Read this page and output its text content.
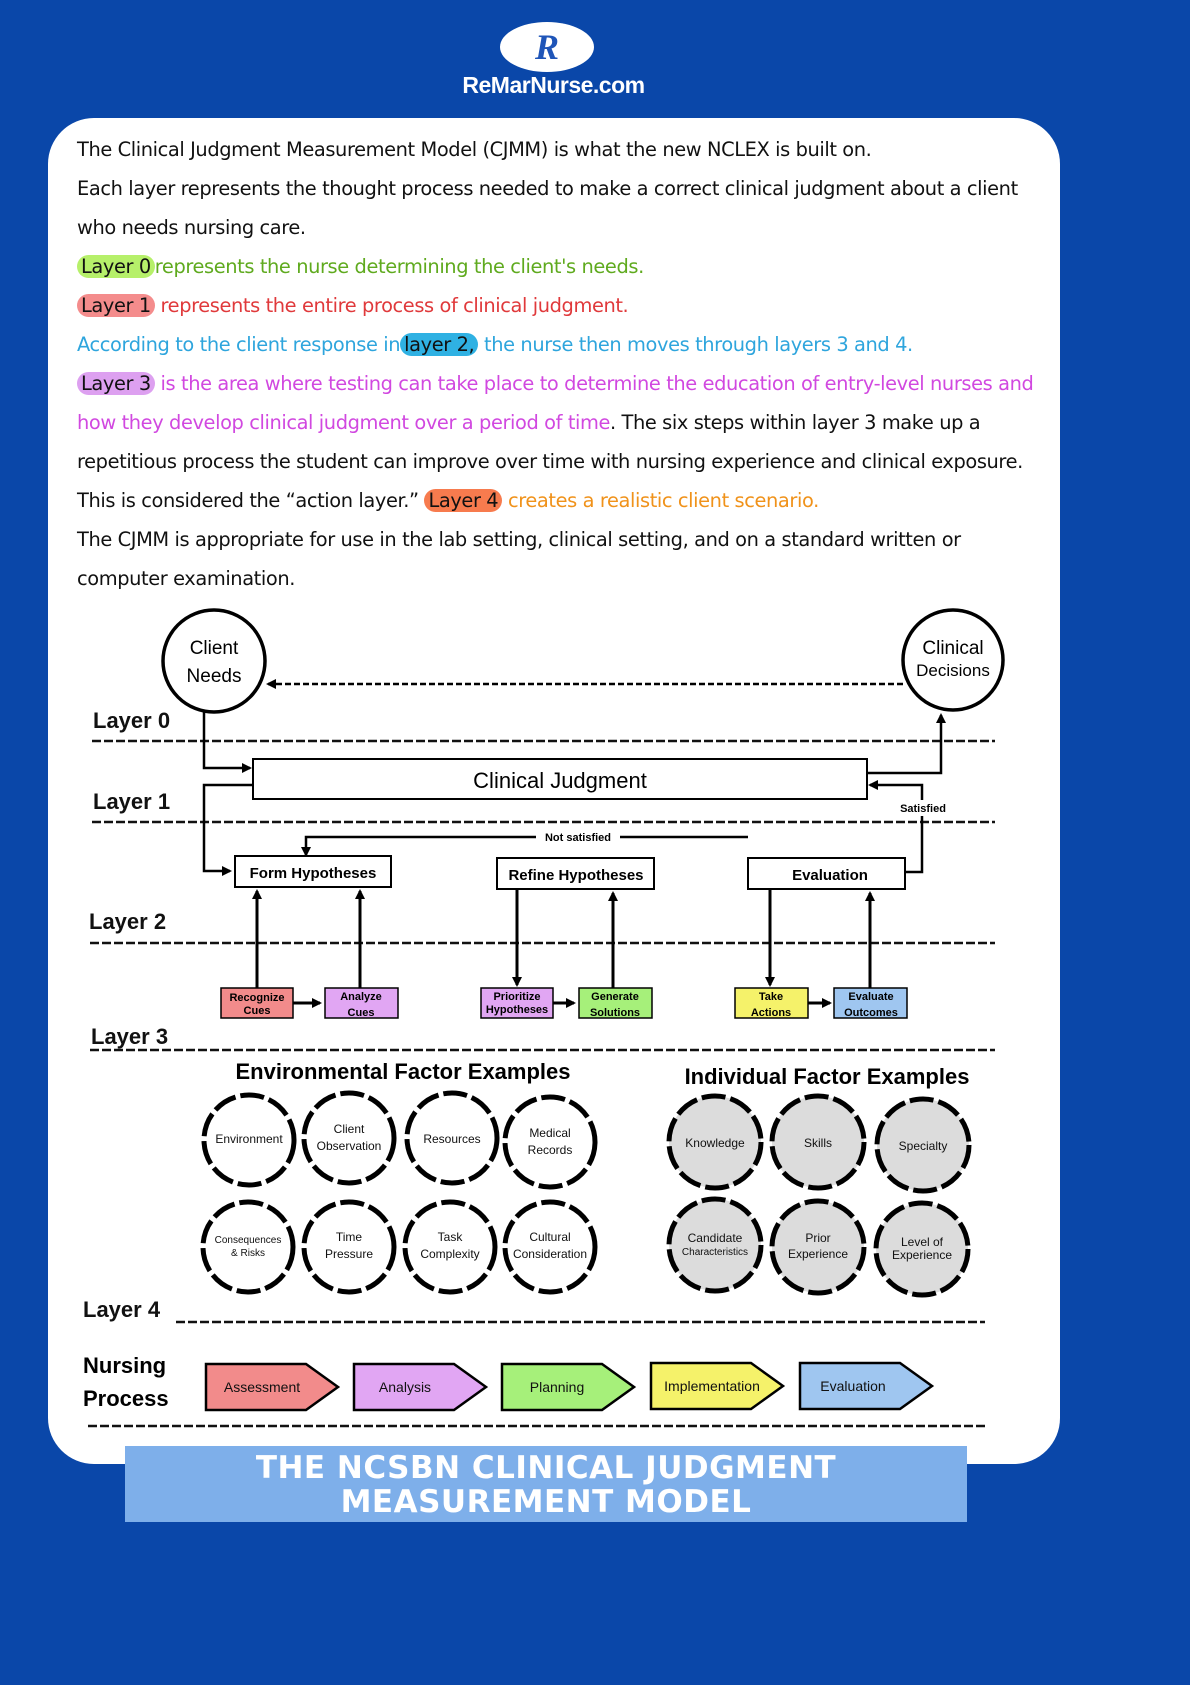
R
ReMarNurse.com

The Clinical Judgment Measurement Model (CJMM) is what the new NCLEX is built on.

Each layer represents the thought process needed to make a correct clinical judgment about a client who needs nursing care.

Layer 0 represents the nurse determining the client's needs.

Layer 1 represents the entire process of clinical judgment.

According to the client response in layer 2, the nurse then moves through layers 3 and 4.

Layer 3 is the area where testing can take place to determine the education of entry-level nurses and how they develop clinical judgment over a period of time. The six steps within layer 3 make up a repetitious process the student can improve over time with nursing experience and clinical exposure. This is considered the “action layer.” Layer 4 creates a realistic client scenario.

The CJMM is appropriate for use in the lab setting, clinical setting, and on a standard written or computer examination.

Layer 0
Layer 1
Layer 2
Layer 3
Layer 4
Client
Needs
Clinical
Decisions
Clinical Judgment
Satisfied
Not satisfied
Form Hypotheses	Refine Hypotheses	Evaluation
Recognize
Cues
Analyze
Cues
Prioritize
Hypotheses
Generate
Solutions
Take
Actions
Evaluate
Outcomes
Environmental Factor Examples	Individual Factor Examples
Environment
Client
Observation	Resources	Medical
Records
Consequences
& Risks
Time
Pressure
Task
Complexity
Cultural
Consideration
Knowledge	Skills	Specialty
Candidate
Characteristics
Prior
Experience
Level of
Experience
Nursing
Process	Assessment	Analysis	Planning	Implementation	Evaluation
THE NCSBN CLINICAL JUDGMENT
MEASUREMENT MODEL
